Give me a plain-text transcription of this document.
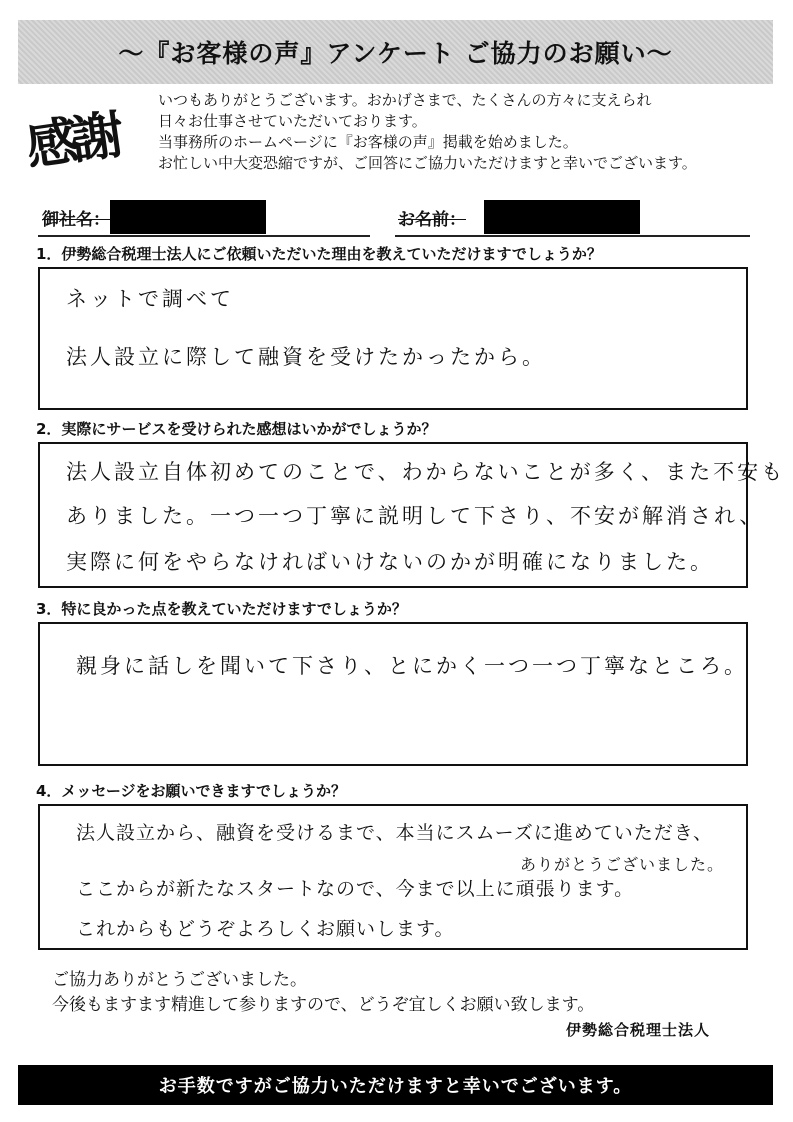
～『お客様の声』アンケート ご協力のお願い～
感謝
いつもありがとうございます。おかげさまで、たくさんの方々に支えられ
日々お仕事させていただいております。
当事務所のホームページに『お客様の声』掲載を始めました。
お忙しい中大変恐縮ですが、ご回答にご協力いただけますと幸いでございます。
御社名：	お名前：
1．伊勢総合税理士法人にご依頼いただいた理由を教えていただけますでしょうか？
ネットで調べて
法人設立に際して融資を受けたかったから。
2．実際にサービスを受けられた感想はいかがでしょうか？
法人設立自体初めてのことで、わからないことが多く、また不安も
ありました。一つ一つ丁寧に説明して下さり、不安が解消され、
実際に何をやらなければいけないのかが明確になりました。
3．特に良かった点を教えていただけますでしょうか？
親身に話しを聞いて下さり、とにかく一つ一つ丁寧なところ。
4．メッセージをお願いできますでしょうか？
法人設立から、融資を受けるまで、本当にスムーズに進めていただき、
ありがとうございました。
ここからが新たなスタートなので、今まで以上に頑張ります。
これからもどうぞよろしくお願いします。
ご協力ありがとうございました。
今後もますます精進して参りますので、どうぞ宜しくお願い致します。
伊勢総合税理士法人
お手数ですがご協力いただけますと幸いでございます。
